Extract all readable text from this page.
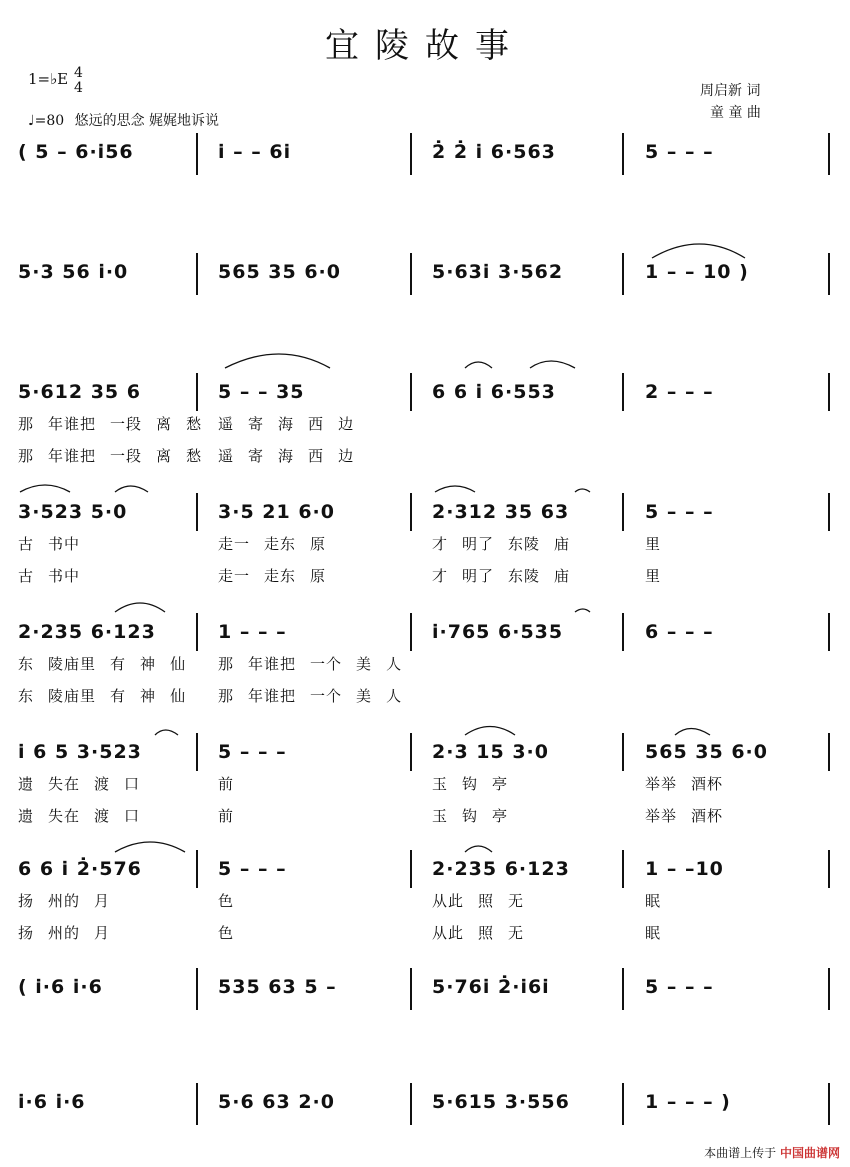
宜陵故事
1=♭E 4
4
♩=80 悠远的思念 娓娓地诉说
周启新 词
童 童 曲
( 5 – 6·i̇56	i̇ – – 6i̇	2̇ 2̇ i̇ 6·563	5 – – –
5·3 56 i̇·0	565 35 6·0	5·63i̇ 3·562	1 – – 10 )
5·612 35 6	5 – – 35	6 6 i̇ 6·553	2 – – –
那 年谁把 一段 离 愁	遥 寄 海 西 边
那 年谁把 一段 离 愁	遥 寄 海 西 边
3·523 5·0	3·5 21 6·0	2·312 35 63	5 – – –
古 书中	走一 走东 原	才 明了 东陵 庙	里
古 书中	走一 走东 原	才 明了 东陵 庙	里
2·235 6·123	1 – – –	i̇·765 6·535	6 – – –
东 陵庙里 有 神 仙	那 年谁把 一个 美 人
东 陵庙里 有 神 仙	那 年谁把 一个 美 人
i̇ 6 5 3·523	5 – – –	2·3 15 3·0	565 35 6·0
遗 失在 渡 口	前	玉 钩 亭	举举 酒杯
遗 失在 渡 口	前	玉 钩 亭	举举 酒杯
6 6 i̇ 2̇·576	5 – – –	2·235 6·123	1 – –10
扬 州的 月	色	从此 照 无	眠
扬 州的 月	色	从此 照 无	眠
( i̇·6 i̇·6	535 63 5 –	5·76i̇ 2̇·i̇6i̇	5 – – –
i̇·6 i̇·6	5·6 63 2·0	5·615 3·556	1 – – – )
本曲谱上传于 中国曲谱网
